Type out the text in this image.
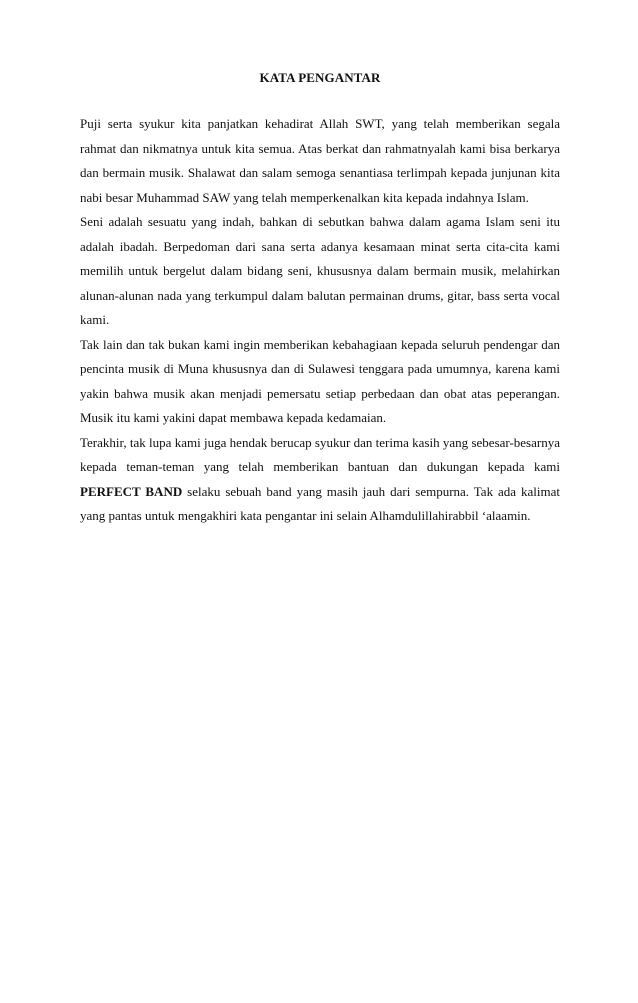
KATA PENGANTAR

Puji serta syukur kita panjatkan kehadirat Allah SWT, yang telah memberikan segala rahmat dan nikmatnya untuk kita semua. Atas berkat dan rahmatnyalah kami bisa berkarya dan bermain musik. Shalawat dan salam semoga senantiasa terlimpah kepada junjunan kita nabi besar Muhammad SAW yang telah memperkenalkan kita kepada indahnya Islam.

Seni adalah sesuatu yang indah, bahkan di sebutkan bahwa dalam agama Islam seni itu adalah ibadah. Berpedoman dari sana serta adanya kesamaan minat serta cita-cita kami memilih untuk bergelut dalam bidang seni, khususnya dalam bermain musik, melahirkan alunan-alunan nada yang terkumpul dalam balutan permainan drums, gitar, bass serta vocal kami.

Tak lain dan tak bukan kami ingin memberikan kebahagiaan kepada seluruh pendengar dan pencinta musik di Muna khususnya dan di Sulawesi tenggara pada umumnya, karena kami yakin bahwa musik akan menjadi pemersatu setiap perbedaan dan obat atas peperangan. Musik itu kami yakini dapat membawa kepada kedamaian.

Terakhir, tak lupa kami juga hendak berucap syukur dan terima kasih yang sebesar-besarnya kepada teman-teman yang telah memberikan bantuan dan dukungan kepada kami PERFECT BAND selaku sebuah band yang masih jauh dari sempurna. Tak ada kalimat yang pantas untuk mengakhiri kata pengantar ini selain Alhamdulillahirabbil ‘alaamin.
